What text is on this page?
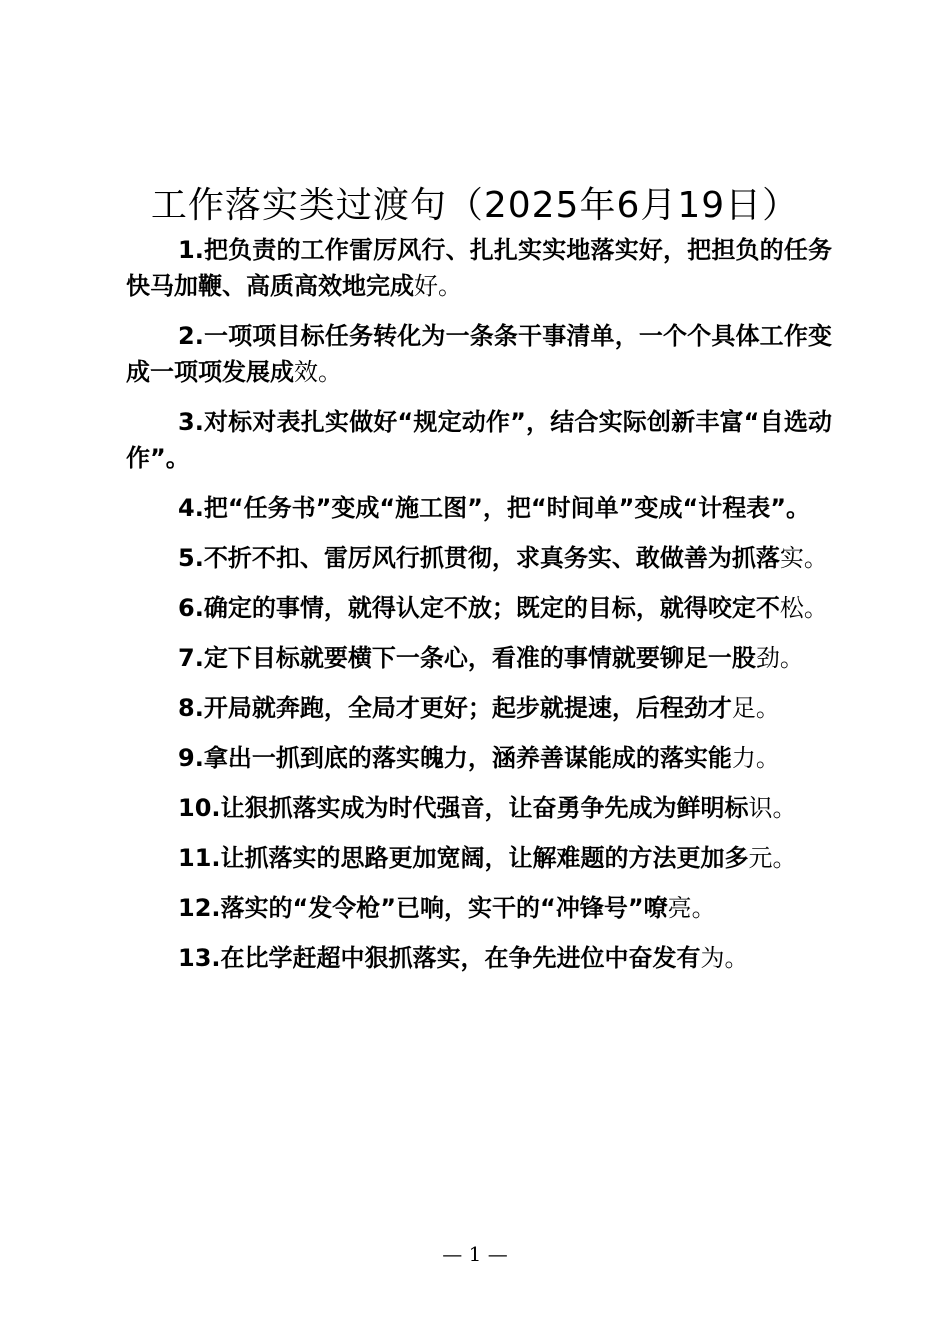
工作落实类过渡句（2025年6月19日）

1.把负责的工作雷厉风行、扎扎实实地落实好，把担负的任务快马加鞭、高质高效地完成好。

2.一项项目标任务转化为一条条干事清单，一个个具体工作变成一项项发展成效。

3.对标对表扎实做好“规定动作”，结合实际创新丰富“自选动作”。

4.把“任务书”变成“施工图”，把“时间单”变成“计程表”。

5.不折不扣、雷厉风行抓贯彻，求真务实、敢做善为抓落实。

6.确定的事情，就得认定不放；既定的目标，就得咬定不松。

7.定下目标就要横下一条心，看准的事情就要铆足一股劲。

8.开局就奔跑，全局才更好；起步就提速，后程劲才足。

9.拿出一抓到底的落实魄力，涵养善谋能成的落实能力。

10.让狠抓落实成为时代强音，让奋勇争先成为鲜明标识。

11.让抓落实的思路更加宽阔，让解难题的方法更加多元。

12.落实的“发令枪”已响，实干的“冲锋号”嘹亮。

13.在比学赶超中狠抓落实，在争先进位中奋发有为。

— 1 —
